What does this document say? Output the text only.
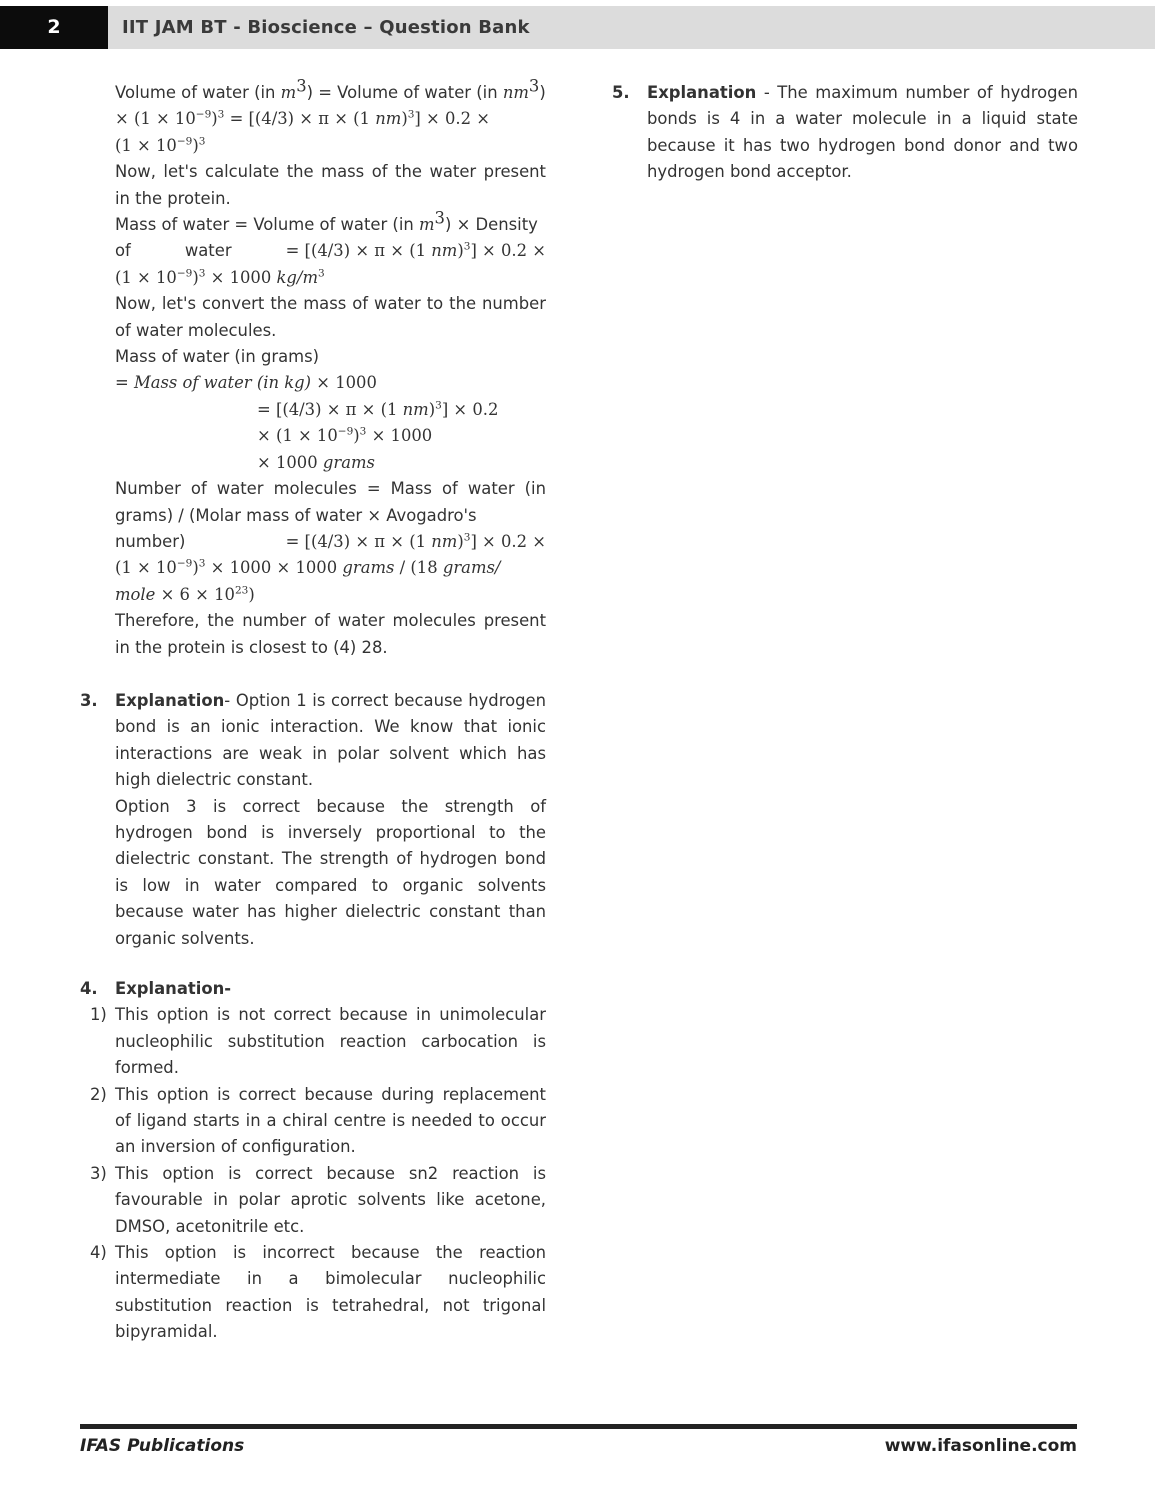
2	IIT JAM BT - Bioscience – Question Bank
Volume of water (in $m^3$) = Volume of water (in $nm^3$)
× $(1 \times 10^{-9})^3 = [(4/3) \times \pi \times (1$ nm)$^3$] × 0.2 ×
$(1 \times 10^{-9})^3$
Now, let's calculate the mass of the water present in the protein.
Mass of water = Volume of water (in $m^3$) × Density
of	water	= [(4/3) × π × (1 nm)$^3$] × 0.2 ×
$(1 \times 10^{-9})^3 \times 1000$ $kg/m^3$
Now, let's convert the mass of water to the number of water molecules.
Mass of water (in grams)
= Mass of water (in kg) × 1000
= [(4/3) × π × (1 nm)$^3$] × 0.2
× $(1 \times 10^{-9})^3 \times 1000$
× 1000 grams
Number of water molecules = Mass of water (in grams) / (Molar mass of water × Avogadro's
number)	= [(4/3) × π × (1 nm)$^3$] × 0.2 ×
$(1 \times 10^{-9})^3 \times 1000 \times 1000$ grams / (18 grams/
mole × $6 \times 10^{23}$)
Therefore, the number of water molecules present in the protein is closest to (4) 28.
3. Explanation- Option 1 is correct because hydrogen bond is an ionic interaction. We know that ionic interactions are weak in polar solvent which has high dielectric constant.
Option 3 is correct because the strength of hydrogen bond is inversely proportional to the dielectric constant. The strength of hydrogen bond is low in water compared to organic solvents because water has higher dielectric constant than organic solvents.
4. Explanation-
1) This option is not correct because in unimolecular nucleophilic substitution reaction carbocation is formed.
2) This option is correct because during replacement of ligand starts in a chiral centre is needed to occur an inversion of configuration.
3) This option is correct because sn2 reaction is favourable in polar aprotic solvents like acetone, DMSO, acetonitrile etc.
4) This option is incorrect because the reaction intermediate in a bimolecular nucleophilic substitution reaction is tetrahedral, not trigonal bipyramidal.
5. Explanation - The maximum number of hydrogen bonds is 4 in a water molecule in a liquid state because it has two hydrogen bond donor and two hydrogen bond acceptor.
IFAS Publications	www.ifasonline.com
